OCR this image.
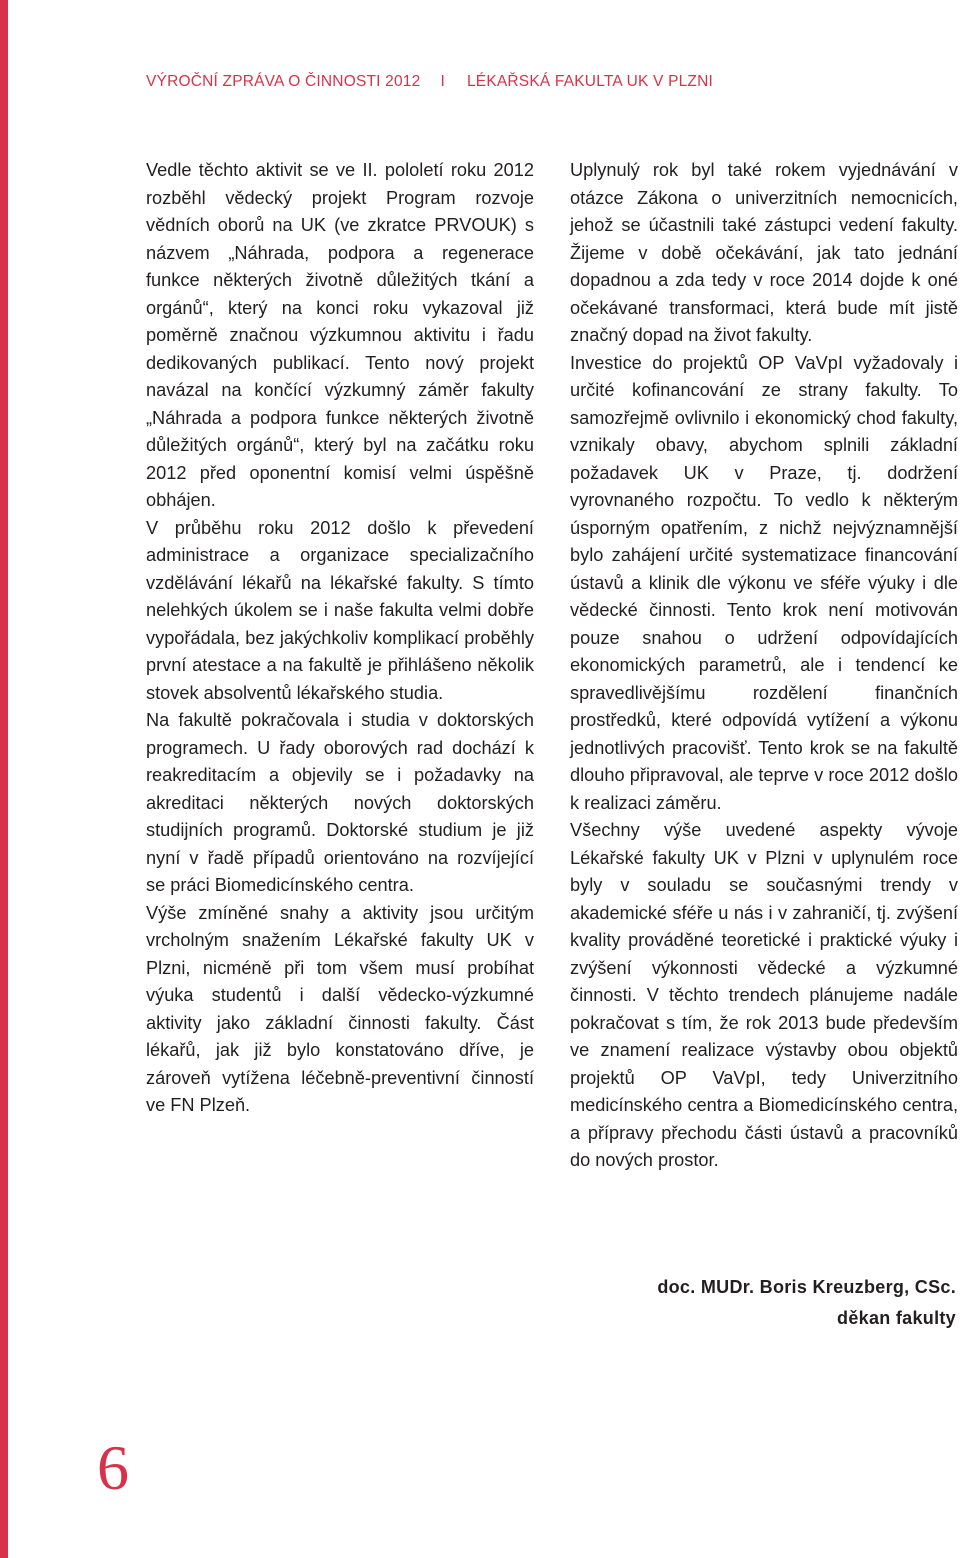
VÝROČNÍ ZPRÁVA O ČINNOSTI 2012 I LÉKAŘSKÁ FAKULTA UK V PLZNI

Vedle těchto aktivit se ve II. pololetí roku 2012 rozběhl vědecký projekt Program rozvoje vědních oborů na UK (ve zkratce PRVOUK) s názvem „Náhrada, podpora a regenerace funkce některých životně důležitých tkání a orgánů“, který na konci roku vykazoval již poměrně značnou výzkumnou aktivitu i řadu dedikovaných publikací. Tento nový projekt navázal na končící výzkumný záměr fakulty „Náhrada a podpora funkce některých životně důležitých orgánů“, který byl na začátku roku 2012 před oponentní komisí velmi úspěšně obhájen.

V průběhu roku 2012 došlo k převedení administrace a organizace specializačního vzdělávání lékařů na lékařské fakulty. S tímto nelehkých úkolem se i naše fakulta velmi dobře vypořádala, bez jakýchkoliv komplikací proběhly první atestace a na fakultě je přihlášeno několik stovek absolventů lékařského studia.

Na fakultě pokračovala i studia v doktorských programech. U řady oborových rad dochází k reakreditacím a objevily se i požadavky na akreditaci některých nových doktorských studijních programů. Doktorské studium je již nyní v řadě případů orientováno na rozvíjející se práci Biomedicínského centra.

Výše zmíněné snahy a aktivity jsou určitým vrcholným snažením Lékařské fakulty UK v Plzni, nicméně při tom všem musí probíhat výuka studentů i další vědecko-výzkumné aktivity jako základní činnosti fakulty. Část lékařů, jak již bylo konstatováno dříve, je zároveň vytížena léčebně-preventivní činností ve FN Plzeň.

Uplynulý rok byl také rokem vyjednávání v otázce Zákona o univerzitních nemocnicích, jehož se účastnili také zástupci vedení fakulty. Žijeme v době očekávání, jak tato jednání dopadnou a zda tedy v roce 2014 dojde k oné očekávané transformaci, která bude mít jistě značný dopad na život fakulty.

Investice do projektů OP VaVpI vyžadovaly i určité kofinancování ze strany fakulty. To samozřejmě ovlivnilo i ekonomický chod fakulty, vznikaly obavy, abychom splnili základní požadavek UK v Praze, tj. dodržení vyrovnaného rozpočtu. To vedlo k některým úsporným opatřením, z nichž nejvýznamnější bylo zahájení určité systematizace financování ústavů a klinik dle výkonu ve sféře výuky i dle vědecké činnosti. Tento krok není motivován pouze snahou o udržení odpovídajících ekonomických parametrů, ale i tendencí ke spravedlivějšímu rozdělení finančních prostředků, které odpovídá vytížení a výkonu jednotlivých pracovišť. Tento krok se na fakultě dlouho připravoval, ale teprve v roce 2012 došlo k realizaci záměru.

Všechny výše uvedené aspekty vývoje Lékařské fakulty UK v Plzni v uplynulém roce byly v souladu se současnými trendy v akademické sféře u nás i v zahraničí, tj. zvýšení kvality prováděné teoretické i praktické výuky i zvýšení výkonnosti vědecké a výzkumné činnosti. V těchto trendech plánujeme nadále pokračovat s tím, že rok 2013 bude především ve znamení realizace výstavby obou objektů projektů OP VaVpI, tedy Univerzitního medicínského centra a Biomedicínského centra, a přípravy přechodu části ústavů a pracovníků do nových prostor.

doc. MUDr. Boris Kreuzberg, CSc.
děkan fakulty
6
